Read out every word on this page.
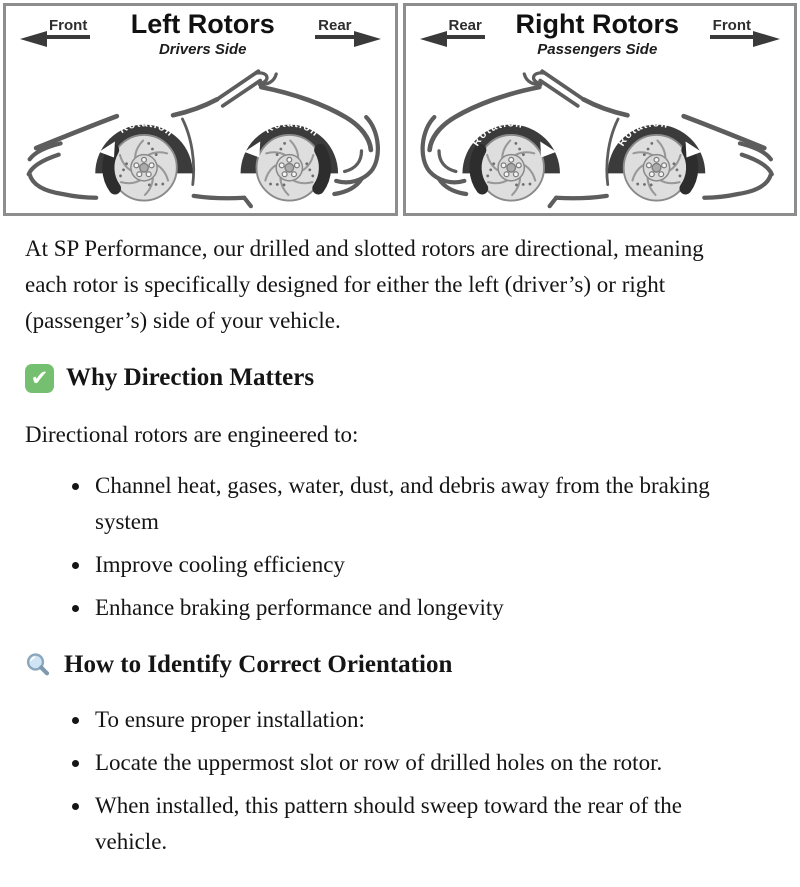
Front	Left Rotors
Drivers Side
Rear
Rotation	Rotation
Rear	Right Rotors
Passengers Side
Front
Rotation
Rotation

At SP Performance, our drilled and slotted rotors are directional, meaning each rotor is specifically designed for either the left (driver’s) or right (passenger’s) side of your vehicle.

✔ Why Direction Matters

Directional rotors are engineered to:

• Channel heat, gases, water, dust, and debris away from the braking system
• Improve cooling efficiency
• Enhance braking performance and longevity
How to Identify Correct Orientation
• To ensure proper installation:
• Locate the uppermost slot or row of drilled holes on the rotor.
• When installed, this pattern should sweep toward the rear of the vehicle.
